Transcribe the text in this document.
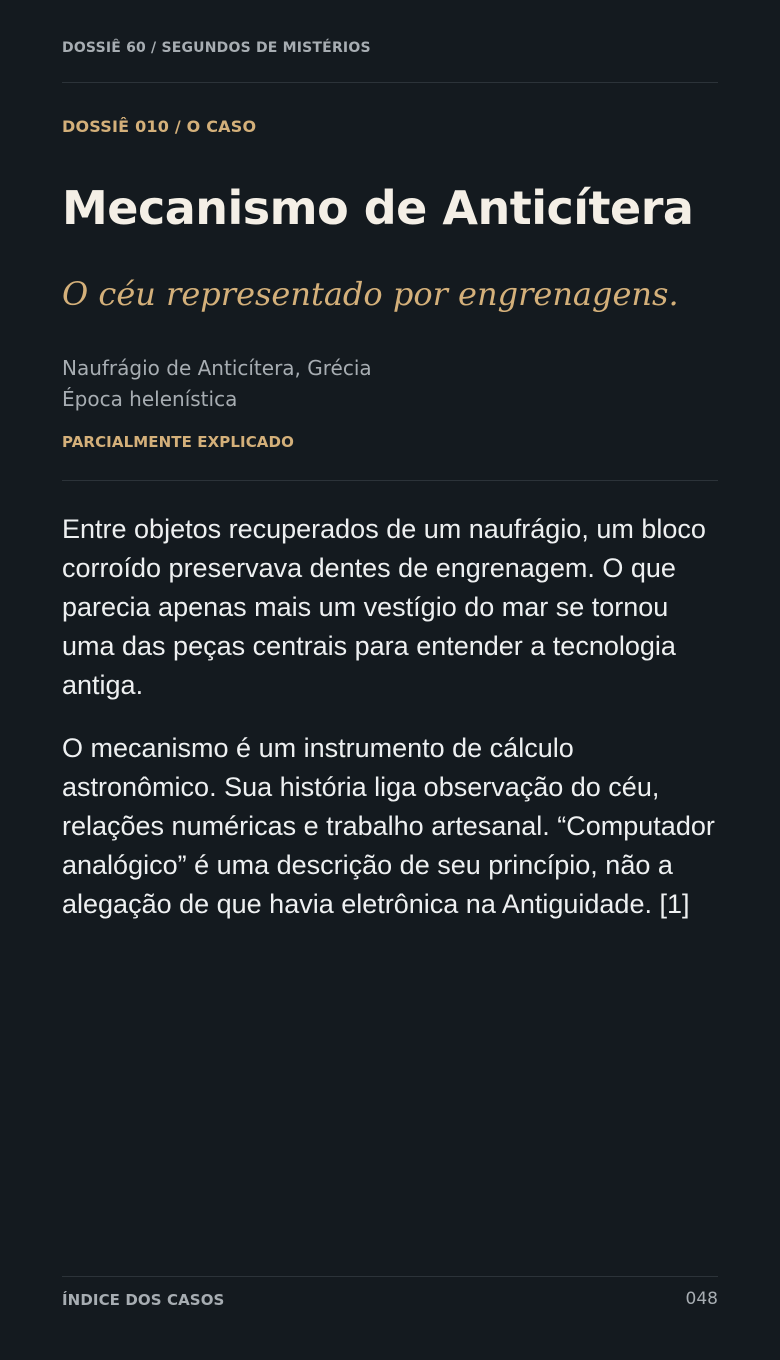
DOSSIÊ 60 / SEGUNDOS DE MISTÉRIOS
DOSSIÊ 010 / O CASO
Mecanismo de Anticítera
O céu representado por engrenagens.
Naufrágio de Anticítera, Grécia
Época helenística
PARCIALMENTE EXPLICADO

Entre objetos recuperados de um naufrágio, um bloco corroído preservava dentes de engrenagem. O que parecia apenas mais um vestígio do mar se tornou uma das peças centrais para entender a tecnologia antiga.

O mecanismo é um instrumento de cálculo astronômico. Sua história liga observação do céu, relações numéricas e trabalho artesanal. “Computador analógico” é uma descrição de seu princípio, não a alegação de que havia eletrônica na Antiguidade. [1]

ÍNDICE DOS CASOS	048
